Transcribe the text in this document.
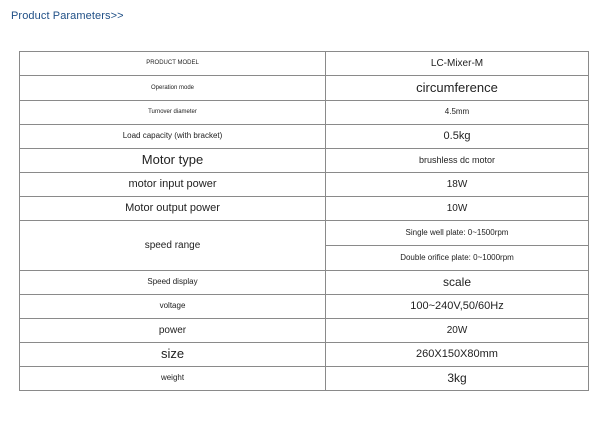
Product Parameters>>
PRODUCT MODEL	LC-Mixer-M
Operation mode	circumference
Turnover diameter	4.5mm
Load capacity (with bracket)	0.5kg
Motor type	brushless dc motor
motor input power	18W
Motor output power	10W
speed range	Single well plate: 0~1500rpm
	Double orifice plate: 0~1000rpm
Speed display	scale
voltage	100~240V,50/60Hz
power	20W
size	260X150X80mm
weight	3kg
